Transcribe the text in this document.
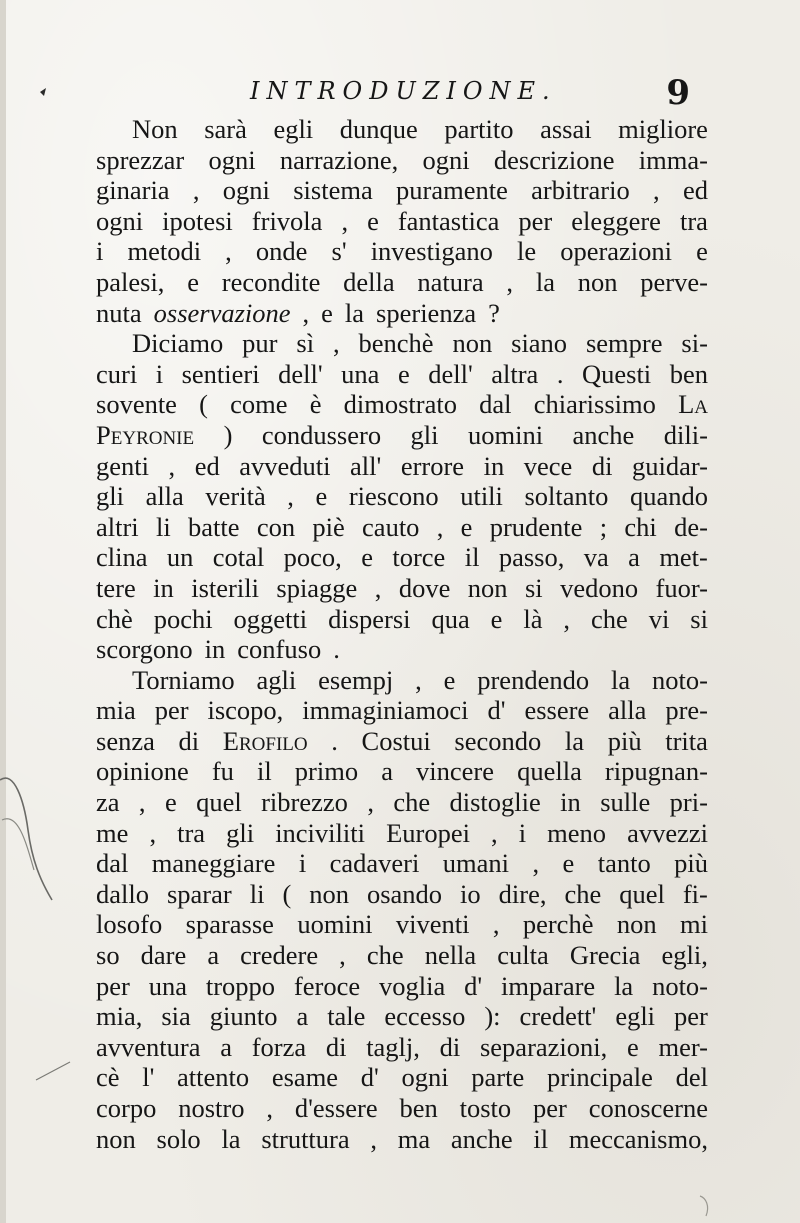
INTRODUZIONE.	9
Non sarà egli dunque partito assai migliore
sprezzar ogni narrazione, ogni descrizione imma-
ginaria , ogni sistema puramente arbitrario , ed
ogni ipotesi frivola , e fantastica per eleggere tra
i metodi , onde s' investigano le operazioni e
palesi, e recondite della natura , la non perve-
nuta osservazione , e la sperienza ?
Diciamo pur sì , benchè non siano sempre si-
curi i sentieri dell' una e dell' altra . Questi ben
sovente ( come è dimostrato dal chiarissimo La
Peyronie ) condussero gli uomini anche dili-
genti , ed avveduti all' errore in vece di guidar-
gli alla verità , e riescono utili soltanto quando
altri li batte con piè cauto , e prudente ; chi de-
clina un cotal poco, e torce il passo, va a met-
tere in isterili spiagge , dove non si vedono fuor-
chè pochi oggetti dispersi qua e là , che vi si
scorgono in confuso .
Torniamo agli esempj , e prendendo la noto-
mia per iscopo, immaginiamoci d' essere alla pre-
senza di Erofilo . Costui secondo la più trita
opinione fu il primo a vincere quella ripugnan-
za , e quel ribrezzo , che distoglie in sulle pri-
me , tra gli inciviliti Europei , i meno avvezzi
dal maneggiare i cadaveri umani , e tanto più
dallo sparar li ( non osando io dire, che quel fi-
losofo sparasse uomini viventi , perchè non mi
so dare a credere , che nella culta Grecia egli,
per una troppo feroce voglia d' imparare la noto-
mia, sia giunto a tale eccesso ): credett' egli per
avventura a forza di taglj, di separazioni, e mer-
cè l' attento esame d' ogni parte principale del
corpo nostro , d'essere ben tosto per conoscerne
non solo la struttura , ma anche il meccanismo,
